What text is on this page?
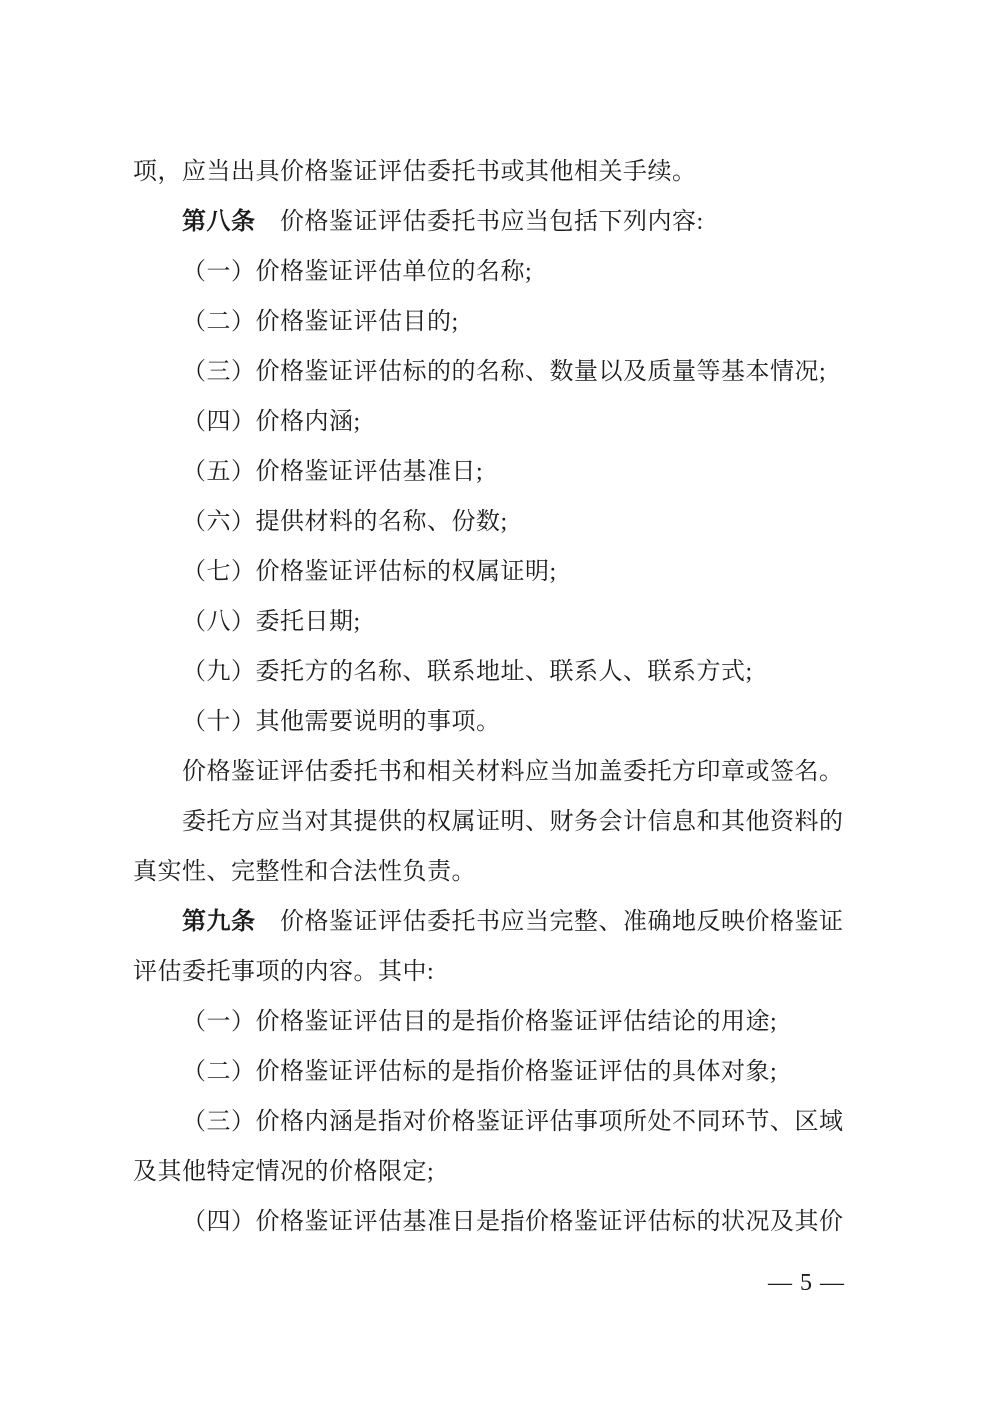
项，应当出具价格鉴证评估委托书或其他相关手续。
第八条　价格鉴证评估委托书应当包括下列内容:
（一）价格鉴证评估单位的名称;
（二）价格鉴证评估目的;
（三）价格鉴证评估标的的名称、数量以及质量等基本情况;
（四）价格内涵;
（五）价格鉴证评估基准日;
（六）提供材料的名称、份数;
（七）价格鉴证评估标的权属证明;
（八）委托日期;
（九）委托方的名称、联系地址、联系人、联系方式;
（十）其他需要说明的事项。
价格鉴证评估委托书和相关材料应当加盖委托方印章或签名。
委托方应当对其提供的权属证明、财务会计信息和其他资料的
真实性、完整性和合法性负责。
第九条　价格鉴证评估委托书应当完整、准确地反映价格鉴证
评估委托事项的内容。其中:
（一）价格鉴证评估目的是指价格鉴证评估结论的用途;
（二）价格鉴证评估标的是指价格鉴证评估的具体对象;
（三）价格内涵是指对价格鉴证评估事项所处不同环节、区域
及其他特定情况的价格限定;
（四）价格鉴证评估基准日是指价格鉴证评估标的状况及其价
— 5 —
